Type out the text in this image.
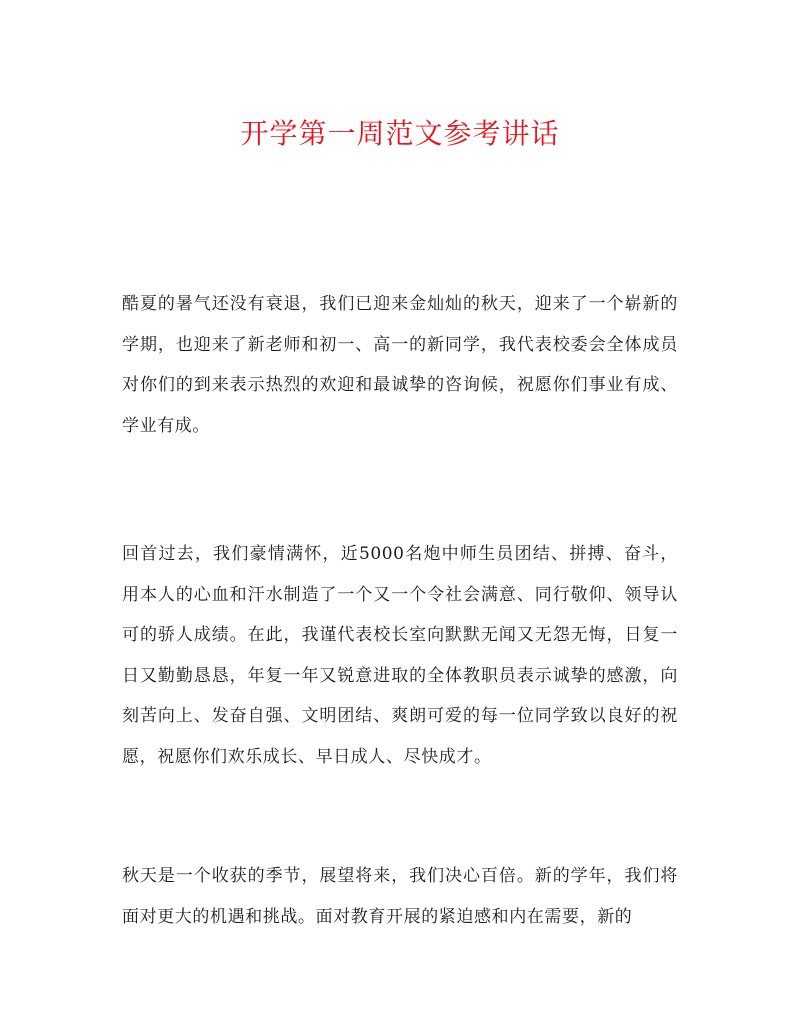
开学第一周范文参考讲话

酷夏的暑气还没有衰退，我们已迎来金灿灿的秋天，迎来了一个崭新的学期，也迎来了新老师和初一、高一的新同学，我代表校委会全体成员对你们的到来表示热烈的欢迎和最诚挚的咨询候，祝愿你们事业有成、学业有成。

回首过去，我们豪情满怀，近5000名炮中师生员团结、拼搏、奋斗，用本人的心血和汗水制造了一个又一个令社会满意、同行敬仰、领导认可的骄人成绩。在此，我谨代表校长室向默默无闻又无怨无悔，日复一日又勤勤恳恳，年复一年又锐意进取的全体教职员表示诚挚的感激，向刻苦向上、发奋自强、文明团结、爽朗可爱的每一位同学致以良好的祝愿，祝愿你们欢乐成长、早日成人、尽快成才。

秋天是一个收获的季节，展望将来，我们决心百倍。新的学年，我们将面对更大的机遇和挑战。面对教育开展的紧迫感和内在需要，新的
